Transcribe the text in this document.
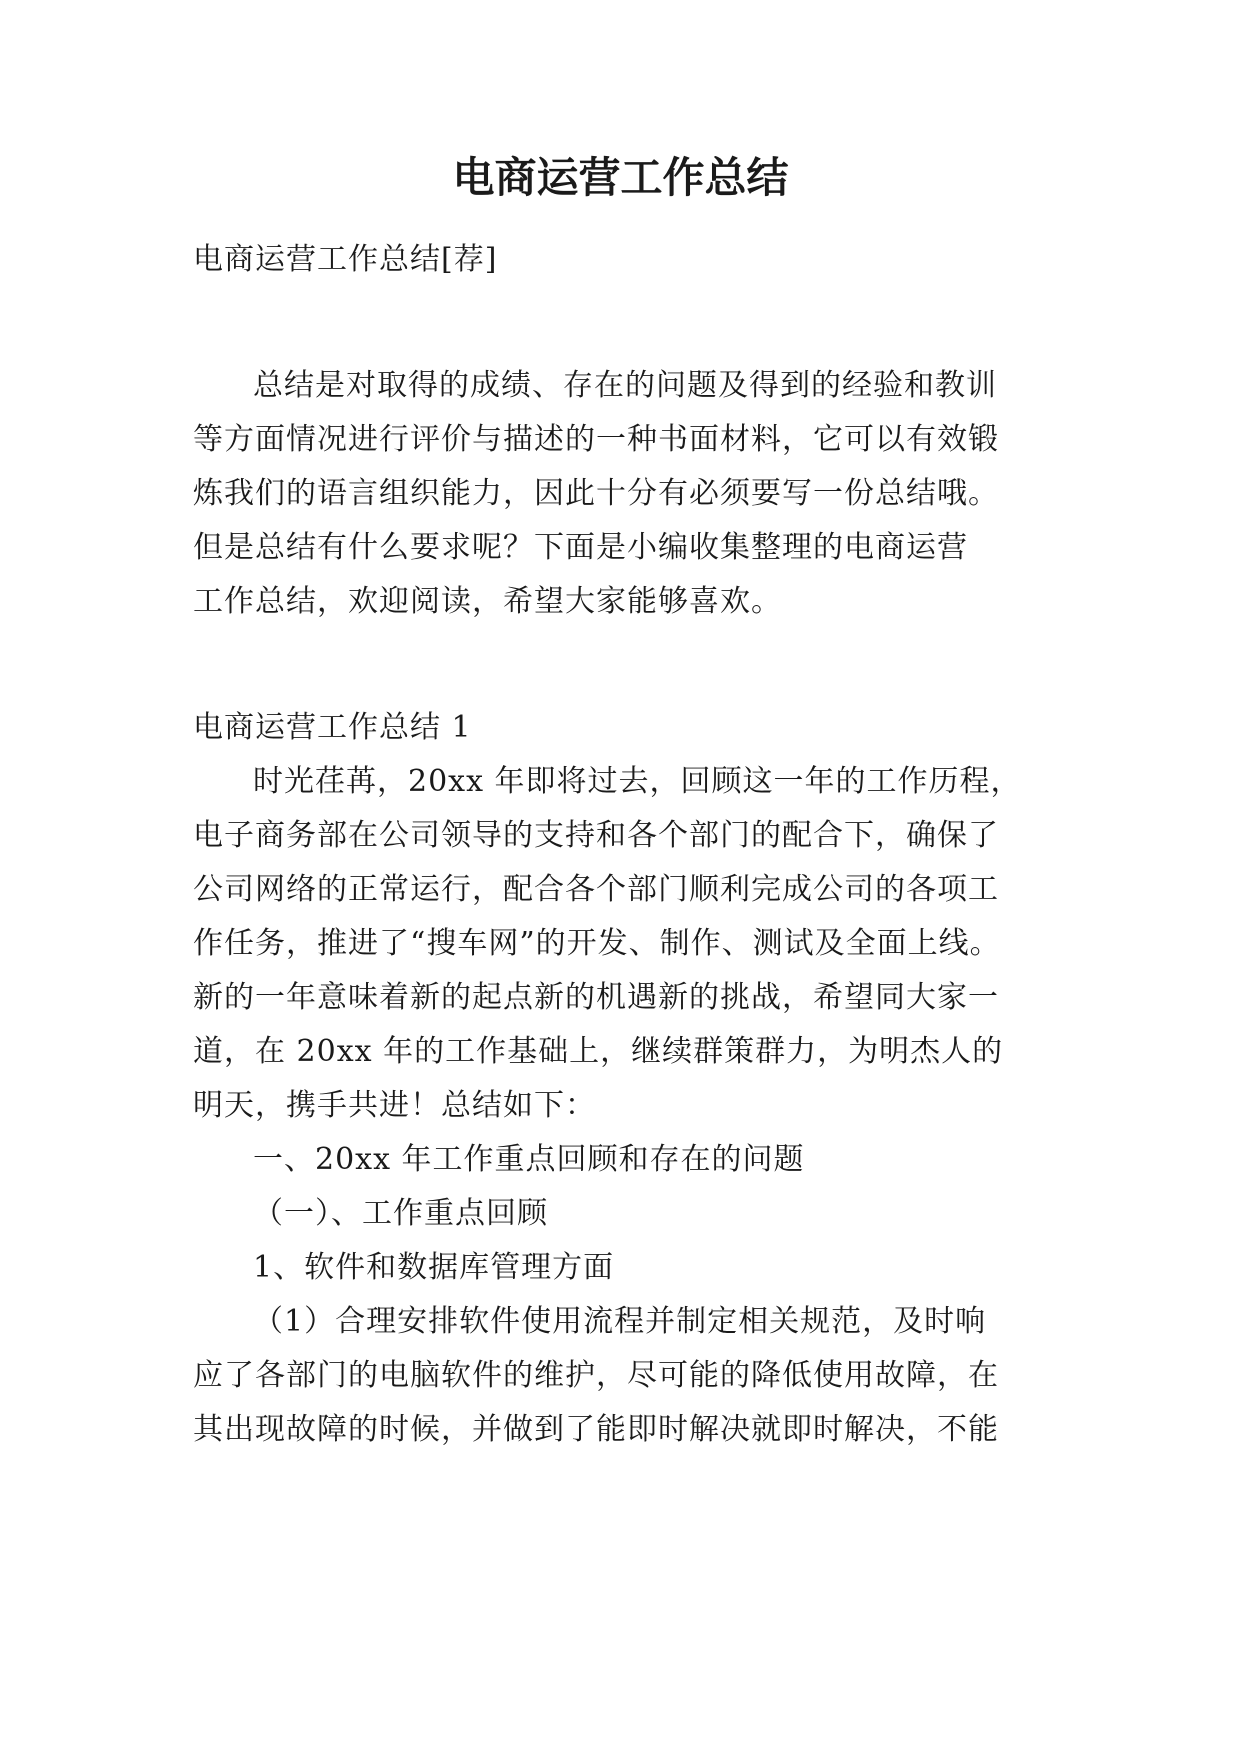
电商运营工作总结
电商运营工作总结[荐]
总结是对取得的成绩、存在的问题及得到的经验和教训
等方面情况进行评价与描述的一种书面材料，它可以有效锻
炼我们的语言组织能力，因此十分有必须要写一份总结哦。
但是总结有什么要求呢？下面是小编收集整理的电商运营
工作总结，欢迎阅读，希望大家能够喜欢。
电商运营工作总结 1
时光荏苒，20xx 年即将过去，回顾这一年的工作历程，
电子商务部在公司领导的支持和各个部门的配合下，确保了
公司网络的正常运行，配合各个部门顺利完成公司的各项工
作任务，推进了“搜车网”的开发、制作、测试及全面上线。
新的一年意味着新的起点新的机遇新的挑战，希望同大家一
道，在 20xx 年的工作基础上，继续群策群力，为明杰人的
明天，携手共进！总结如下：
一、20xx 年工作重点回顾和存在的问题
（一）、工作重点回顾
1、软件和数据库管理方面
（1）合理安排软件使用流程并制定相关规范，及时响
应了各部门的电脑软件的维护，尽可能的降低使用故障，在
其出现故障的时候，并做到了能即时解决就即时解决，不能
